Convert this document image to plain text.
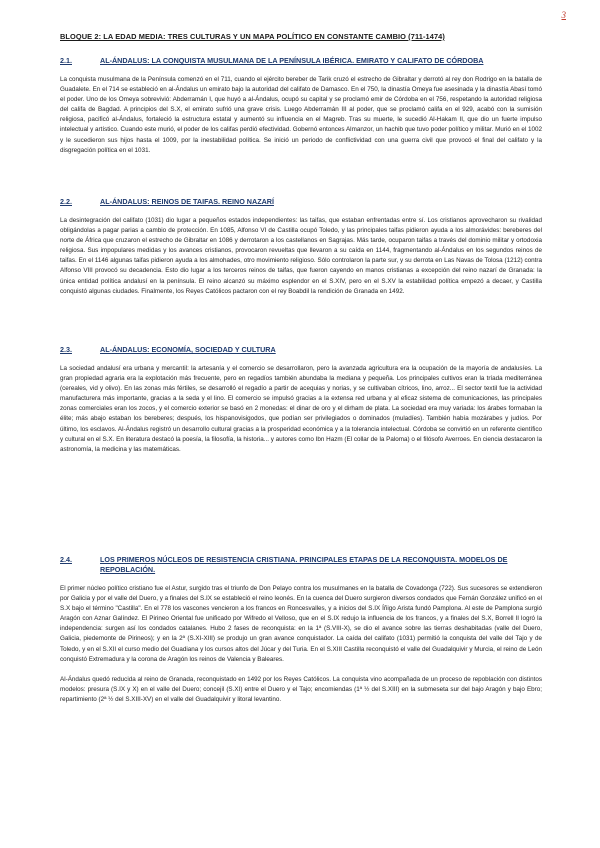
3
BLOQUE 2: LA EDAD MEDIA: TRES CULTURAS Y UN MAPA POLÍTICO EN CONSTANTE CAMBIO (711-1474)
2.1.	AL-ÁNDALUS: LA CONQUISTA MUSULMANA DE LA PENÍNSULA IBÉRICA. EMIRATO Y CALIFATO DE CÓRDOBA

La conquista musulmana de la Península comenzó en el 711, cuando el ejército bereber de Tarik cruzó el estrecho de Gibraltar y derrotó al rey don Rodrigo en la batalla de Guadalete. En el 714 se estableció en al-Ándalus un emirato bajo la autoridad del califato de Damasco. En el 750, la dinastía Omeya fue asesinada y la dinastía Abasí tomó el poder. Uno de los Omeya sobrevivió: Abderramán I, que huyó a al-Ándalus, ocupó su capital y se proclamó emir de Córdoba en el 756, respetando la autoridad religiosa del califa de Bagdad. A principios del S.X, el emirato sufrió una grave crisis. Luego Abderramán III al poder, que se proclamó califa en el 929, acabó con la sumisión religiosa, pacificó al-Ándalus, fortaleció la estructura estatal y aumentó su influencia en el Magreb. Tras su muerte, le sucedió Al-Hakam II, que dio un fuerte impulso intelectual y artístico. Cuando este murió, el poder de los califas perdió efectividad. Gobernó entonces Almanzor, un hachib que tuvo poder político y militar. Murió en el 1002 y le sucedieron sus hijos hasta el 1009, por la inestabilidad política. Se inició un periodo de conflictividad con una guerra civil que provocó el final del califato y la disgregación política en el 1031.

2.2.	AL-ÁNDALUS: REINOS DE TAIFAS. REINO NAZARÍ

La desintegración del califato (1031) dio lugar a pequeños estados independientes: las taifas, que estaban enfrentadas entre sí. Los cristianos aprovecharon su rivalidad obligándolas a pagar parias a cambio de protección. En 1085, Alfonso VI de Castilla ocupó Toledo, y las principales taifas pidieron ayuda a los almorávides: bereberes del norte de África que cruzaron el estrecho de Gibraltar en 1086 y derrotaron a los castellanos en Sagrajas. Más tarde, ocuparon taifas a través del dominio militar y ortodoxia religiosa. Sus impopulares medidas y los avances cristianos, provocaron revueltas que llevaron a su caída en 1144, fragmentando al-Ándalus en los segundos reinos de taifas. En el 1146 algunas taifas pidieron ayuda a los almohades, otro movimiento religioso. Sólo controlaron la parte sur, y su derrota en Las Navas de Tolosa (1212) contra Alfonso VIII provocó su decadencia. Esto dio lugar a los terceros reinos de taifas, que fueron cayendo en manos cristianas a excepción del reino nazarí de Granada: la única entidad política andalusí en la península. El reino alcanzó su máximo esplendor en el S.XIV, pero en el S.XV la estabilidad política empezó a decaer, y Castilla conquistó algunas ciudades. Finalmente, los Reyes Católicos pactaron con el rey Boabdil la rendición de Granada en 1492.

2.3.	AL-ÁNDALUS: ECONOMÍA, SOCIEDAD Y CULTURA

La sociedad andalusí era urbana y mercantil: la artesanía y el comercio se desarrollaron, pero la avanzada agricultura era la ocupación de la mayoría de andalusíes. La gran propiedad agraria era la explotación más frecuente, pero en regadíos también abundaba la mediana y pequeña. Los principales cultivos eran la tríada mediterránea (cereales, vid y olivo). En las zonas más fértiles, se desarrolló el regadío a partir de acequias y norias, y se cultivaban cítricos, lino, arroz... El sector textil fue la actividad manufacturera más importante, gracias a la seda y el lino. El comercio se impulsó gracias a la extensa red urbana y al eficaz sistema de comunicaciones, las principales zonas comerciales eran los zocos, y el comercio exterior se basó en 2 monedas: el dinar de oro y el dirham de plata. La sociedad era muy variada: los árabes formaban la élite; más abajo estaban los bereberes; después, los hispanovisigodos, que podían ser privilegiados o dominados (muladíes). También había mozárabes y judíos. Por último, los esclavos. Al-Ándalus registró un desarrollo cultural gracias a la prosperidad económica y a la tolerancia intelectual. Córdoba se convirtió en un referente científico y cultural en el S.X. En literatura destacó la poesía, la filosofía, la historia... y autores como Ibn Hazm (El collar de la Paloma) o el filósofo Averroes. En ciencia destacaron la astronomía, la medicina y las matemáticas.

2.4.	LOS PRIMEROS NÚCLEOS DE RESISTENCIA CRISTIANA. PRINCIPALES ETAPAS DE LA RECONQUISTA. MODELOS DE REPOBLACIÓN.

El primer núcleo político cristiano fue el Astur, surgido tras el triunfo de Don Pelayo contra los musulmanes en la batalla de Covadonga (722). Sus sucesores se extendieron por Galicia y por el valle del Duero, y a finales del S.IX se estableció el reino leonés. En la cuenca del Duero surgieron diversos condados que Fernán González unificó en el S.X bajo el término "Castilla". En el 778 los vascones vencieron a los francos en Roncesvalles, y a inicios del S.IX Íñigo Arista fundó Pamplona. Al este de Pamplona surgió Aragón con Aznar Galíndez. El Pirineo Oriental fue unificado por Wifredo el Velloso, que en el S.IX redujo la influencia de los francos, y a finales del S.X, Borrell II logró la independencia: surgen así los condados catalanes. Hubo 2 fases de reconquista: en la 1ª (S.VIII-X), se dio el avance sobre las tierras deshabitadas (valle del Duero, Galicia, piedemonte de Pirineos); y en la 2ª (S.XI-XIII) se produjo un gran avance conquistador. La caída del califato (1031) permitió la conquista del valle del Tajo y de Toledo, y en el S.XII el curso medio del Guadiana y los cursos altos del Júcar y del Turia. En el S.XIII Castilla reconquistó el valle del Guadalquivir y Murcia, el reino de León conquistó Extremadura y la corona de Aragón los reinos de Valencia y Baleares.

Al-Ándalus quedó reducida al reino de Granada, reconquistado en 1492 por los Reyes Católicos. La conquista vino acompañada de un proceso de repoblación con distintos modelos: presura (S.IX y X) en el valle del Duero; concejil (S.XI) entre el Duero y el Tajo; encomiendas (1ª ½ del S.XIII) en la submeseta sur del bajo Aragón y bajo Ebro; repartimiento (2ª ½ del S.XIII-XV) en el valle del Guadalquivir y litoral levantino.
